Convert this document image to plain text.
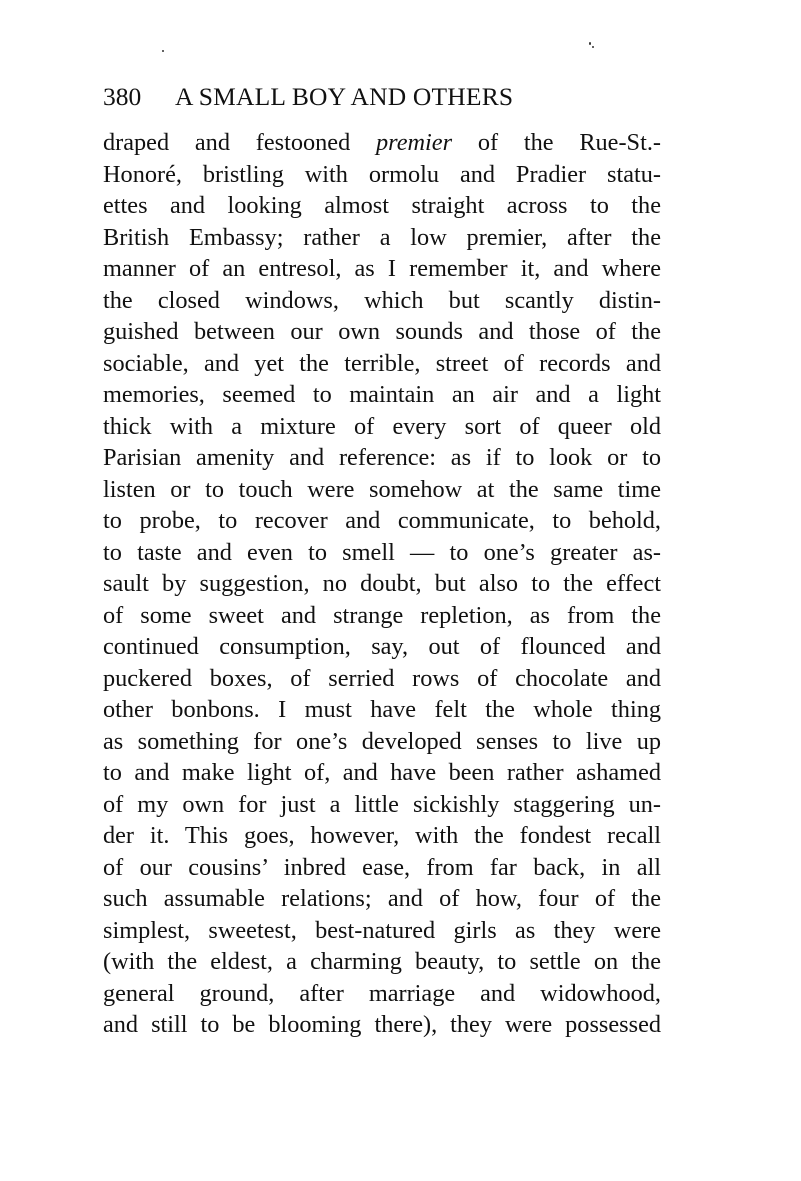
380 A SMALL BOY AND OTHERS
draped and festooned premier of the Rue-St.-
Honoré, bristling with ormolu and Pradier statu-
ettes and looking almost straight across to the
British Embassy; rather a low premier, after the
manner of an entresol, as I remember it, and where
the closed windows, which but scantly distin-
guished between our own sounds and those of the
sociable, and yet the terrible, street of records and
memories, seemed to maintain an air and a light
thick with a mixture of every sort of queer old
Parisian amenity and reference: as if to look or to
listen or to touch were somehow at the same time
to probe, to recover and communicate, to behold,
to taste and even to smell — to one’s greater as-
sault by suggestion, no doubt, but also to the effect
of some sweet and strange repletion, as from the
continued consumption, say, out of flounced and
puckered boxes, of serried rows of chocolate and
other bonbons. I must have felt the whole thing
as something for one’s developed senses to live up
to and make light of, and have been rather ashamed
of my own for just a little sickishly staggering un-
der it. This goes, however, with the fondest recall
of our cousins’ inbred ease, from far back, in all
such assumable relations; and of how, four of the
simplest, sweetest, best-natured girls as they were
(with the eldest, a charming beauty, to settle on the
general ground, after marriage and widowhood,
and still to be blooming there), they were possessed
